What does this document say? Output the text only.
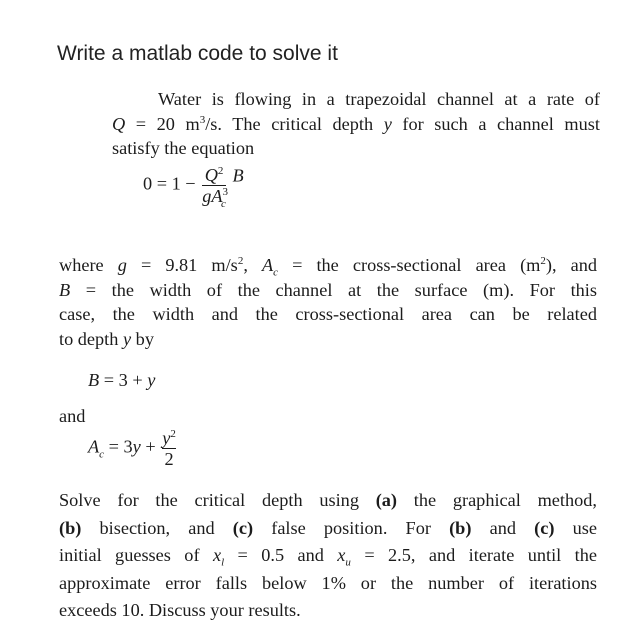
Write a matlab code to solve it
Water is flowing in a trapezoidal channel at a rate of
Q = 20 $m^3/s$. The critical depth y for such a channel must
satisfy the equation
$0 = 1 - \frac{Q^2}{gA^3_c}$ B
where g = 9.81 $m/s^2$, $A_c$ = the cross-sectional area $(m^2)$, and
B = the width of the channel at the surface (m). For this
case, the width and the cross-sectional area can be related
to depth y by
B = 3 + y
and
$A_c = 3y + \frac{y^2}{2}$
Solve for the critical depth using (a) the graphical method,
(b) bisection, and (c) false position. For (b) and (c) use
initial guesses of $x_l = 0.5$ and $x_u = 2.5$, and iterate until the
approximate error falls below 1% or the number of iterations
exceeds 10. Discuss your results.
